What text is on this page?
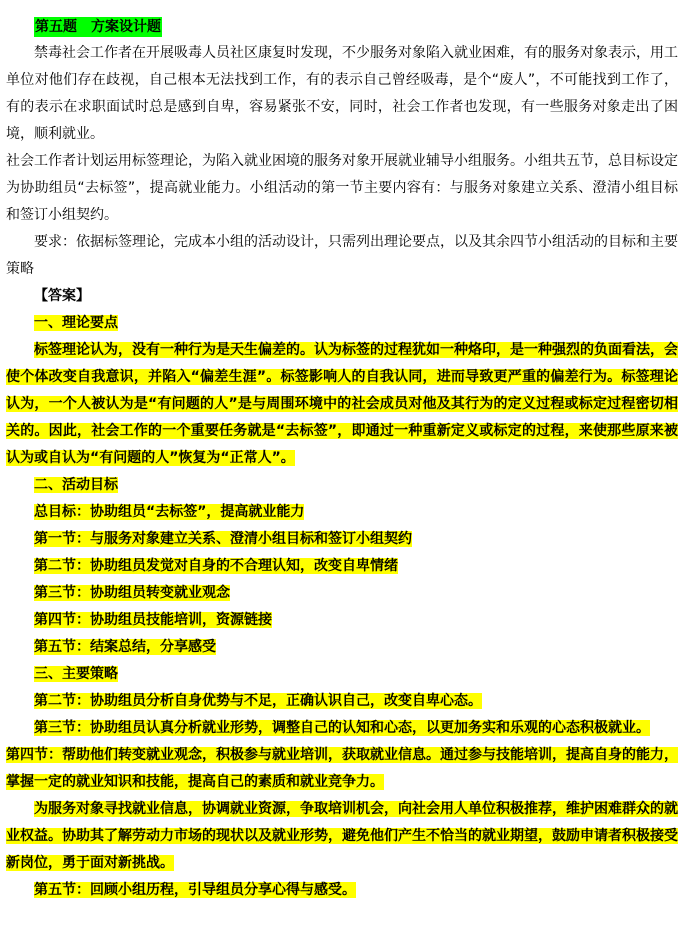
第五题　方案设计题

禁毒社会工作者在开展吸毒人员社区康复时发现，不少服务对象陷入就业困难，有的服务对象表示，用工单位对他们存在歧视，自己根本无法找到工作，有的表示自己曾经吸毒，是个“废人”，不可能找到工作了，有的表示在求职面试时总是感到自卑，容易紧张不安，同时，社会工作者也发现，有一些服务对象走出了困境，顺利就业。

社会工作者计划运用标签理论，为陷入就业困境的服务对象开展就业辅导小组服务。小组共五节，总目标设定为协助组员“去标签”，提高就业能力。小组活动的第一节主要内容有：与服务对象建立关系、澄清小组目标和签订小组契约。

要求：依据标签理论，完成本小组的活动设计，只需列出理论要点，以及其余四节小组活动的目标和主要策略

【答案】

一、理论要点

标签理论认为，没有一种行为是天生偏差的。认为标签的过程犹如一种烙印，是一种强烈的负面看法，会使个体改变自我意识，并陷入“偏差生涯”。标签影响人的自我认同，进而导致更严重的偏差行为。标签理论认为，一个人被认为是“有问题的人”是与周围环境中的社会成员对他及其行为的定义过程或标定过程密切相关的。因此，社会工作的一个重要任务就是“去标签”，即通过一种重新定义或标定的过程，来使那些原来被认为或自认为“有问题的人”恢复为“正常人”。

二、活动目标

总目标：协助组员“去标签”，提高就业能力

第一节：与服务对象建立关系、澄清小组目标和签订小组契约

第二节：协助组员发觉对自身的不合理认知，改变自卑情绪

第三节：协助组员转变就业观念

第四节：协助组员技能培训，资源链接

第五节：结案总结，分享感受

三、主要策略

第二节：协助组员分析自身优势与不足，正确认识自己，改变自卑心态。

第三节：协助组员认真分析就业形势，调整自己的认知和心态，以更加务实和乐观的心态积极就业。

第四节：帮助他们转变就业观念，积极参与就业培训，获取就业信息。通过参与技能培训，提高自身的能力，掌握一定的就业知识和技能，提高自己的素质和就业竞争力。

为服务对象寻找就业信息，协调就业资源，争取培训机会，向社会用人单位积极推荐，维护困难群众的就业权益。协助其了解劳动力市场的现状以及就业形势，避免他们产生不恰当的就业期望，鼓励申请者积极接受新岗位，勇于面对新挑战。

第五节：回顾小组历程，引导组员分享心得与感受。
